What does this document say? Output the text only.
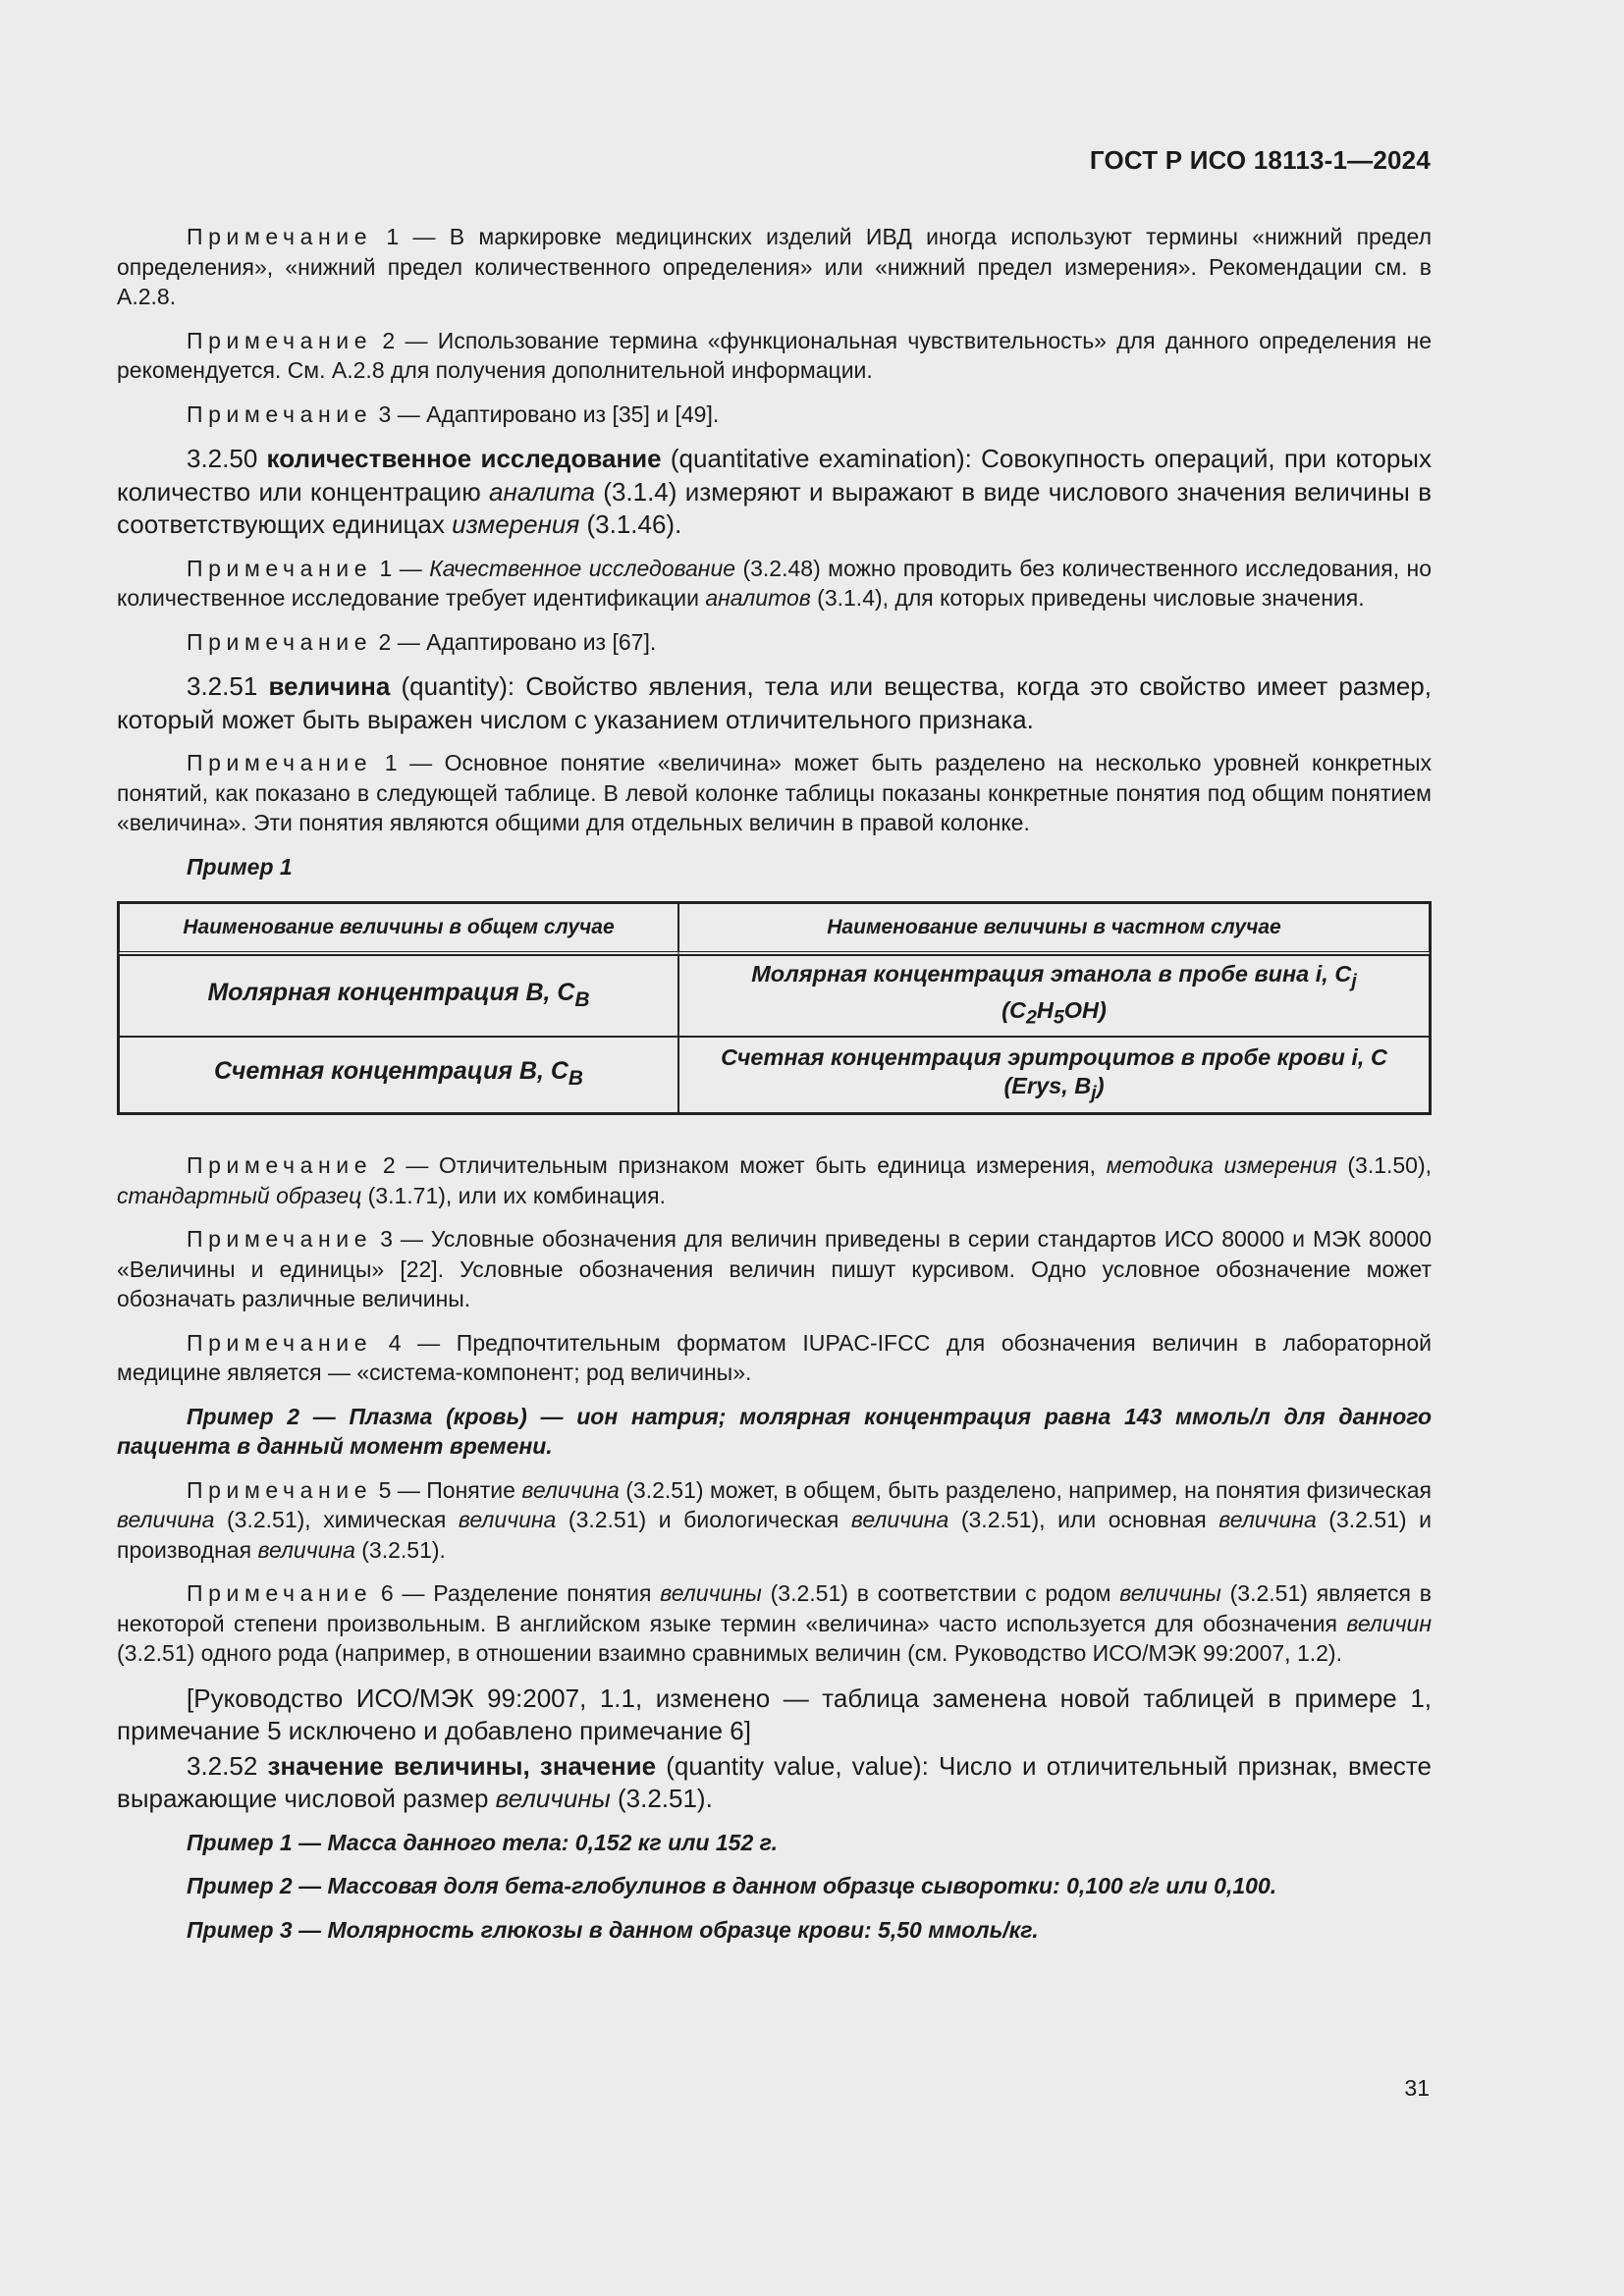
ГОСТ Р ИСО 18113-1—2024

Примечание 1 — В маркировке медицинских изделий ИВД иногда используют термины «нижний предел определения», «нижний предел количественного определения» или «нижний предел измерения». Рекомендации см. в А.2.8.

Примечание 2 — Использование термина «функциональная чувствительность» для данного определения не рекомендуется. См. А.2.8 для получения дополнительной информации.

Примечание 3 — Адаптировано из [35] и [49].

3.2.50 количественное исследование (quantitative examination): Совокупность операций, при которых количество или концентрацию аналита (3.1.4) измеряют и выражают в виде числового значения величины в соответствующих единицах измерения (3.1.46).

Примечание 1 — Качественное исследование (3.2.48) можно проводить без количественного исследования, но количественное исследование требует идентификации аналитов (3.1.4), для которых приведены числовые значения.

Примечание 2 — Адаптировано из [67].

3.2.51 величина (quantity): Свойство явления, тела или вещества, когда это свойство имеет размер, который может быть выражен числом с указанием отличительного признака.

Примечание 1 — Основное понятие «величина» может быть разделено на несколько уровней конкретных понятий, как показано в следующей таблице. В левой колонке таблицы показаны конкретные понятия под общим понятием «величина». Эти понятия являются общими для отдельных величин в правой колонке.

Пример 1

Наименование величины в общем случае	Наименование величины в частном случае
Молярная концентрация B, $C_B$	Молярная концентрация этанола в пробе вина i, $C_j$
$(C_2H_5OH)$
Счетная концентрация B, $C_B$	Счетная концентрация эритроцитов в пробе крови i, C
(Erys, $B_j$)

Примечание 2 — Отличительным признаком может быть единица измерения, методика измерения (3.1.50), стандартный образец (3.1.71), или их комбинация.

Примечание 3 — Условные обозначения для величин приведены в серии стандартов ИСО 80000 и МЭК 80000 «Величины и единицы» [22]. Условные обозначения величин пишут курсивом. Одно условное обозначение может обозначать различные величины.

Примечание 4 — Предпочтительным форматом IUPAC-IFCC для обозначения величин в лабораторной медицине является — «система-компонент; род величины».

Пример 2 — Плазма (кровь) — ион натрия; молярная концентрация равна 143 ммоль/л для данного пациента в данный момент времени.

Примечание 5 — Понятие величина (3.2.51) может, в общем, быть разделено, например, на понятия физическая величина (3.2.51), химическая величина (3.2.51) и биологическая величина (3.2.51), или основная величина (3.2.51) и производная величина (3.2.51).

Примечание 6 — Разделение понятия величины (3.2.51) в соответствии с родом величины (3.2.51) является в некоторой степени произвольным. В английском языке термин «величина» часто используется для обозначения величин (3.2.51) одного рода (например, в отношении взаимно сравнимых величин (см. Руководство ИСО/МЭК 99:2007, 1.2).

[Руководство ИСО/МЭК 99:2007, 1.1, изменено — таблица заменена новой таблицей в примере 1, примечание 5 исключено и добавлено примечание 6]

3.2.52 значение величины, значение (quantity value, value): Число и отличительный признак, вместе выражающие числовой размер величины (3.2.51).

Пример 1 — Масса данного тела: 0,152 кг или 152 г.

Пример 2 — Массовая доля бета-глобулинов в данном образце сыворотки: 0,100 г/г или 0,100.

Пример 3 — Молярность глюкозы в данном образце крови: 5,50 ммоль/кг.

31
